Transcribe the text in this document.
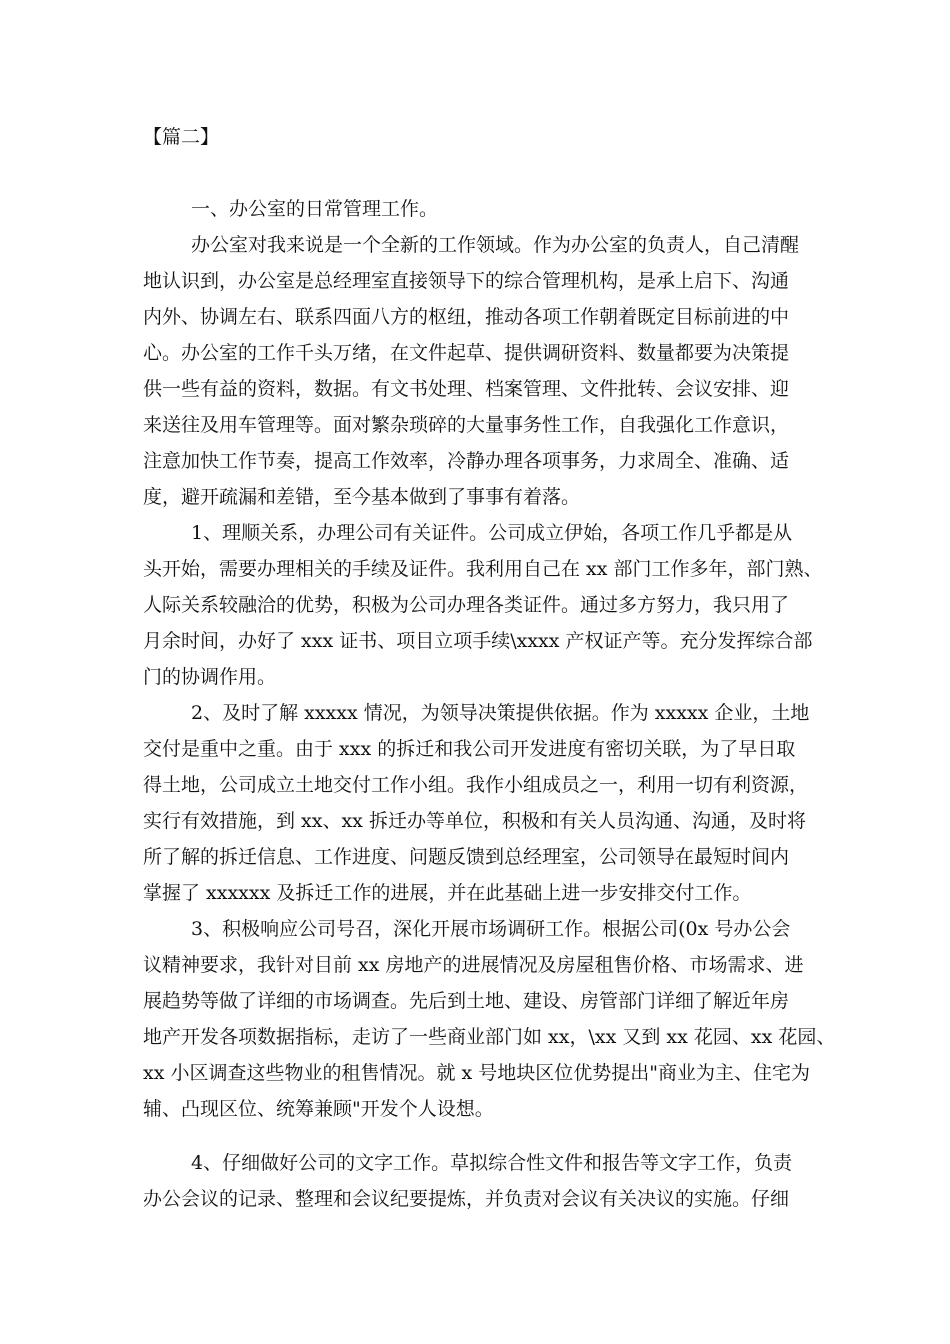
【篇二】
一、办公室的日常管理工作。
办公室对我来说是一个全新的工作领域。作为办公室的负责人，自己清醒
地认识到，办公室是总经理室直接领导下的综合管理机构，是承上启下、沟通
内外、协调左右、联系四面八方的枢纽，推动各项工作朝着既定目标前进的中
心。办公室的工作千头万绪，在文件起草、提供调研资料、数量都要为决策提
供一些有益的资料，数据。有文书处理、档案管理、文件批转、会议安排、迎
来送往及用车管理等。面对繁杂琐碎的大量事务性工作，自我强化工作意识，
注意加快工作节奏，提高工作效率，冷静办理各项事务，力求周全、准确、适
度，避开疏漏和差错，至今基本做到了事事有着落。
1、理顺关系，办理公司有关证件。公司成立伊始，各项工作几乎都是从
头开始，需要办理相关的手续及证件。我利用自己在 xx 部门工作多年，部门熟、
人际关系较融洽的优势，积极为公司办理各类证件。通过多方努力，我只用了
月余时间，办好了 xxx 证书、项目立项手续\xxxx 产权证产等。充分发挥综合部
门的协调作用。
2、及时了解 xxxxx 情况，为领导决策提供依据。作为 xxxxx 企业，土地
交付是重中之重。由于 xxx 的拆迁和我公司开发进度有密切关联，为了早日取
得土地，公司成立土地交付工作小组。我作小组成员之一，利用一切有利资源，
实行有效措施，到 xx、xx 拆迁办等单位，积极和有关人员沟通、沟通，及时将
所了解的拆迁信息、工作进度、问题反馈到总经理室，公司领导在最短时间内
掌握了 xxxxxx 及拆迁工作的进展，并在此基础上进一步安排交付工作。
3、积极响应公司号召，深化开展市场调研工作。根据公司(0x 号办公会
议精神要求，我针对目前 xx 房地产的进展情况及房屋租售价格、市场需求、进
展趋势等做了详细的市场调查。先后到土地、建设、房管部门详细了解近年房
地产开发各项数据指标，走访了一些商业部门如 xx，\xx 又到 xx 花园、xx 花园、
xx 小区调查这些物业的租售情况。就 x 号地块区位优势提出"商业为主、住宅为
辅、凸现区位、统筹兼顾"开发个人设想。
4、仔细做好公司的文字工作。草拟综合性文件和报告等文字工作，负责
办公会议的记录、整理和会议纪要提炼，并负责对会议有关决议的实施。仔细
